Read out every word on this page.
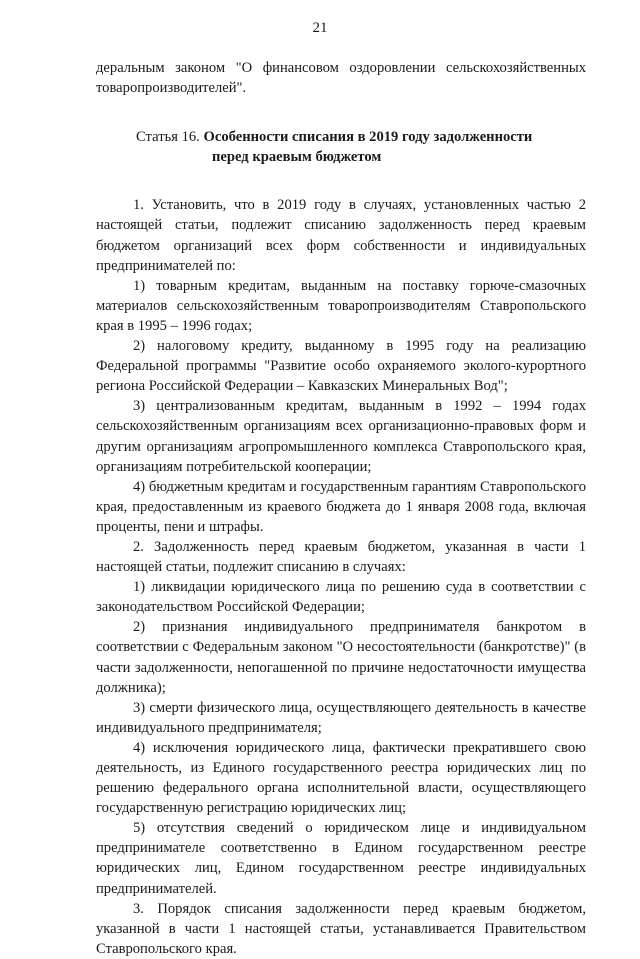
21

деральным законом "О финансовом оздоровлении сельскохозяйственных товаропроизводителей".

Статья 16. Особенности списания в 2019 году задолженности
перед краевым бюджетом

1. Установить, что в 2019 году в случаях, установленных частью 2 настоящей статьи, подлежит списанию задолженность перед краевым бюджетом организаций всех форм собственности и индивидуальных предпринимателей по:

1) товарным кредитам, выданным на поставку горюче-смазочных материалов сельскохозяйственным товаропроизводителям Ставропольского края в 1995 – 1996 годах;

2) налоговому кредиту, выданному в 1995 году на реализацию Федеральной программы "Развитие особо охраняемого эколого-курортного региона Российской Федерации – Кавказских Минеральных Вод";

3) централизованным кредитам, выданным в 1992 – 1994 годах сельскохозяйственным организациям всех организационно-правовых форм и другим организациям агропромышленного комплекса Ставропольского края, организациям потребительской кооперации;

4) бюджетным кредитам и государственным гарантиям Ставропольского края, предоставленным из краевого бюджета до 1 января 2008 года, включая проценты, пени и штрафы.

2. Задолженность перед краевым бюджетом, указанная в части 1 настоящей статьи, подлежит списанию в случаях:

1) ликвидации юридического лица по решению суда в соответствии с законодательством Российской Федерации;

2) признания индивидуального предпринимателя банкротом в соответствии с Федеральным законом "О несостоятельности (банкротстве)" (в части задолженности, непогашенной по причине недостаточности имущества должника);

3) смерти физического лица, осуществляющего деятельность в качестве индивидуального предпринимателя;

4) исключения юридического лица, фактически прекратившего свою деятельность, из Единого государственного реестра юридических лиц по решению федерального органа исполнительной власти, осуществляющего государственную регистрацию юридических лиц;

5) отсутствия сведений о юридическом лице и индивидуальном предпринимателе соответственно в Едином государственном реестре юридических лиц, Едином государственном реестре индивидуальных предпринимателей.

3. Порядок списания задолженности перед краевым бюджетом, указанной в части 1 настоящей статьи, устанавливается Правительством Ставропольского края.
